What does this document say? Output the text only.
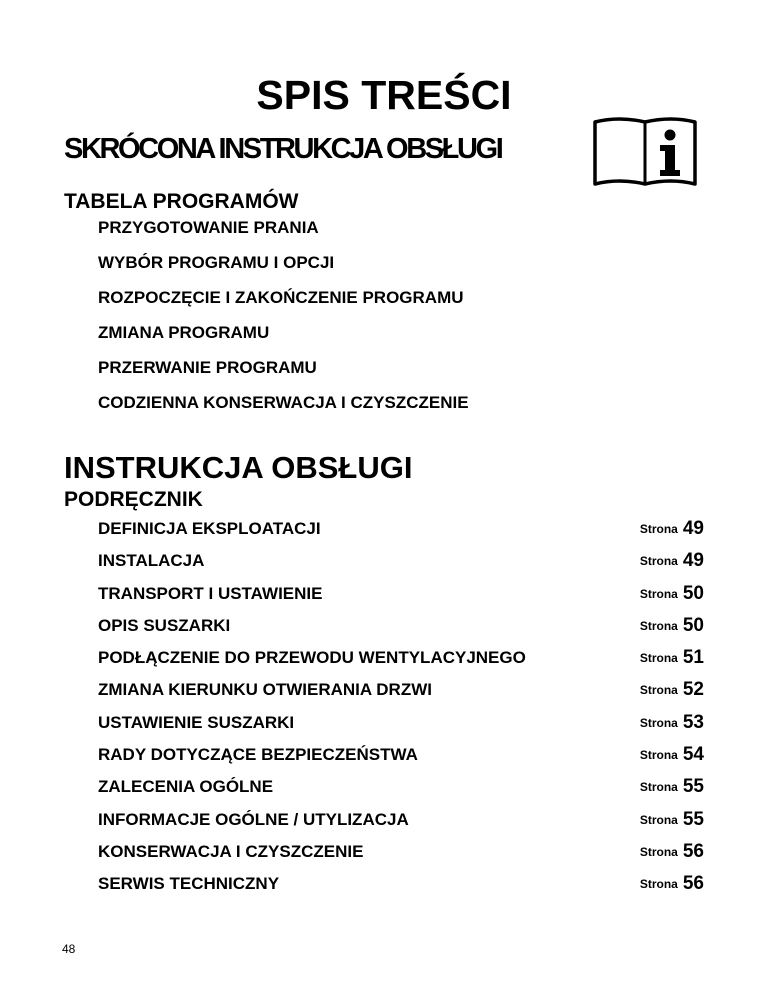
SPIS TREŚCI
SKRÓCONA INSTRUKCJA OBSŁUGI
TABELA PROGRAMÓW
PRZYGOTOWANIE PRANIA
WYBÓR PROGRAMU I OPCJI
ROZPOCZĘCIE I ZAKOŃCZENIE PROGRAMU
ZMIANA PROGRAMU
PRZERWANIE PROGRAMU
CODZIENNA KONSERWACJA I CZYSZCZENIE
INSTRUKCJA OBSŁUGI
PODRĘCZNIK
DEFINICJA EKSPLOATACJI	Strona 49
INSTALACJA	Strona 49
TRANSPORT I USTAWIENIE	Strona 50
OPIS SUSZARKI	Strona 50
PODŁĄCZENIE DO PRZEWODU WENTYLACYJNEGO	Strona 51
ZMIANA KIERUNKU OTWIERANIA DRZWI	Strona 52
USTAWIENIE SUSZARKI	Strona 53
RADY DOTYCZĄCE BEZPIECZEŃSTWA	Strona 54
ZALECENIA OGÓLNE	Strona 55
INFORMACJE OGÓLNE / UTYLIZACJA	Strona 55
KONSERWACJA I CZYSZCZENIE	Strona 56
SERWIS TECHNICZNY	Strona 56
48
